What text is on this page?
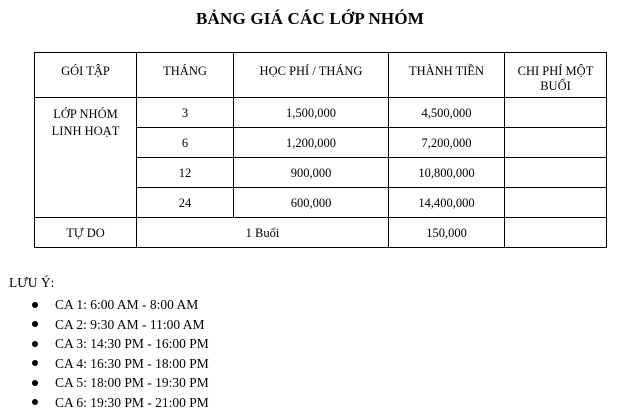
BẢNG GIÁ CÁC LỚP NHÓM
GÓI TẬP	THÁNG	HỌC PHÍ / THÁNG	THÀNH TIỀN	CHI PHÍ MỘT BUỔI

LỚP NHÓM LINH HOẠT	3	1,500,000	4,500,000	
	6	1,200,000	7,200,000	
	12	900,000	10,800,000	
	24	600,000	14,400,000	
TỰ DO	1 Buổi		150,000	
LƯU Ý:
CA 1: 6:00 AM - 8:00 AM
CA 2: 9:30 AM - 11:00 AM
CA 3: 14:30 PM - 16:00 PM
CA 4: 16:30 PM - 18:00 PM
CA 5: 18:00 PM - 19:30 PM
CA 6: 19:30 PM - 21:00 PM
